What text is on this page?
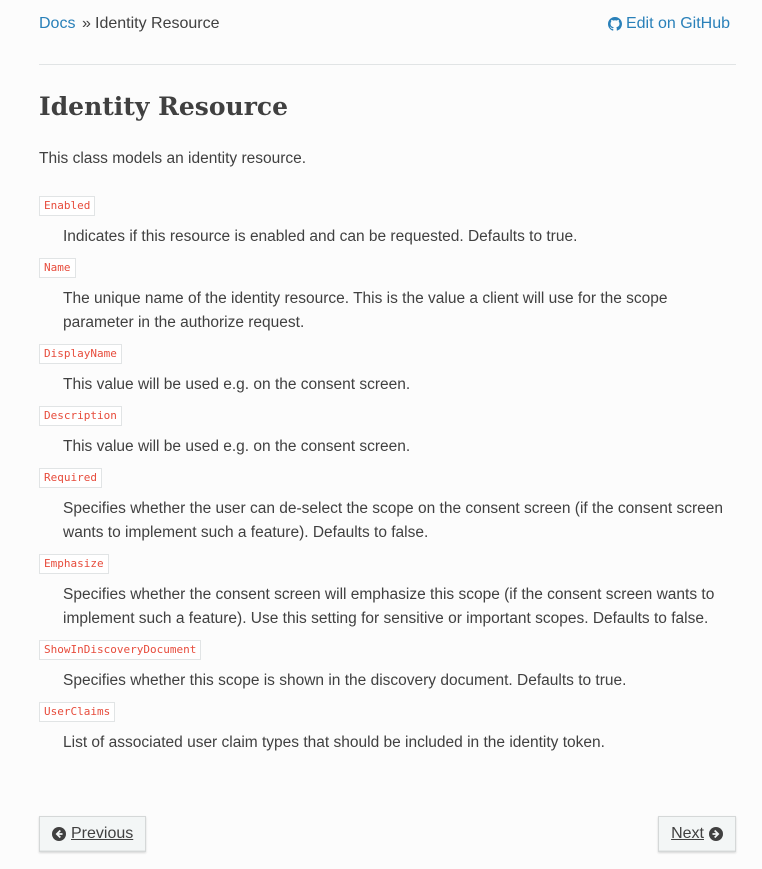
Docs » Identity Resource	Edit on GitHub
Identity Resource

This class models an identity resource.

Enabled

Indicates if this resource is enabled and can be requested. Defaults to true.

Name

The unique name of the identity resource. This is the value a client will use for the scope parameter in the authorize request.

DisplayName

This value will be used e.g. on the consent screen.

Description

This value will be used e.g. on the consent screen.

Required

Specifies whether the user can de-select the scope on the consent screen (if the consent screen wants to implement such a feature). Defaults to false.

Emphasize

Specifies whether the consent screen will emphasize this scope (if the consent screen wants to implement such a feature). Use this setting for sensitive or important scopes. Defaults to false.

ShowInDiscoveryDocument

Specifies whether this scope is shown in the discovery document. Defaults to true.

UserClaims

List of associated user claim types that should be included in the identity token.

Previous	Next
